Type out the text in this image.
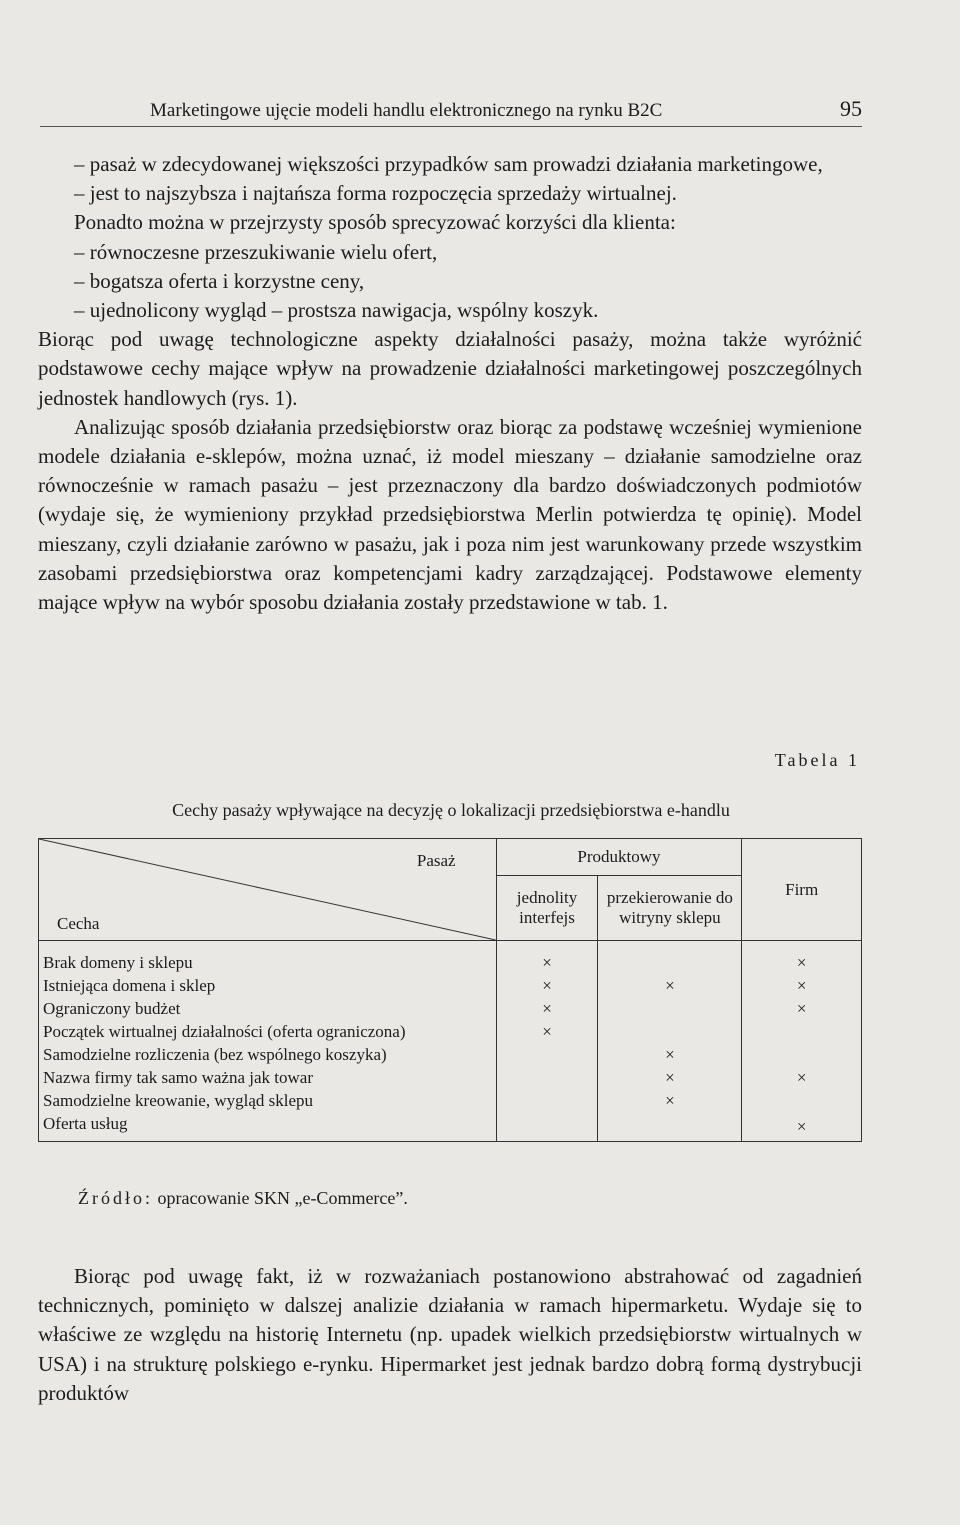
Marketingowe ujęcie modeli handlu elektronicznego na rynku B2C	95

– pasaż w zdecydowanej większości przypadków sam prowadzi działania marketingowe,

– jest to najszybsza i najtańsza forma rozpoczęcia sprzedaży wirtualnej.

Ponadto można w przejrzysty sposób sprecyzować korzyści dla klienta:

– równoczesne przeszukiwanie wielu ofert,

– bogatsza oferta i korzystne ceny,

– ujednolicony wygląd – prostsza nawigacja, wspólny koszyk.

Biorąc pod uwagę technologiczne aspekty działalności pasaży, można także wyróżnić podstawowe cechy mające wpływ na prowadzenie działalności marketingowej poszczególnych jednostek handlowych (rys. 1).

Analizując sposób działania przedsiębiorstw oraz biorąc za podstawę wcześniej wymienione modele działania e-sklepów, można uznać, iż model mieszany – działanie samodzielne oraz równocześnie w ramach pasażu – jest przeznaczony dla bardzo doświadczonych podmiotów (wydaje się, że wymieniony przykład przedsiębiorstwa Merlin potwierdza tę opinię). Model mieszany, czyli działanie zarówno w pasażu, jak i poza nim jest warunkowany przede wszystkim zasobami przedsiębiorstwa oraz kompetencjami kadry zarządzającej. Podstawowe elementy mające wpływ na wybór sposobu działania zostały przedstawione w tab. 1.

Tabela 1
Cechy pasaży wpływające na decyzję o lokalizacji przedsiębiorstwa e-handlu
Pasaż
Cecha	Produktowy		Firm
	jednolity interfejs	przekierowanie do witryny sklepu	
Brak domeny i sklepu	×		×
Istniejąca domena i sklep	×	×	×
Ograniczony budżet	×		×
Początek wirtualnej działalności (oferta ograniczona)	×		
Samodzielne rozliczenia (bez wspólnego koszyka)		×	
Nazwa firmy tak samo ważna jak towar		×	×
Samodzielne kreowanie, wygląd sklepu		×	
Oferta usług			×
Źródło: opracowanie SKN „e-Commerce”.

Biorąc pod uwagę fakt, iż w rozważaniach postanowiono abstrahować od zagadnień technicznych, pominięto w dalszej analizie działania w ramach hipermarketu. Wydaje się to właściwe ze względu na historię Internetu (np. upadek wielkich przedsiębiorstw wirtualnych w USA) i na strukturę polskiego e-rynku. Hipermarket jest jednak bardzo dobrą formą dystrybucji produktów
